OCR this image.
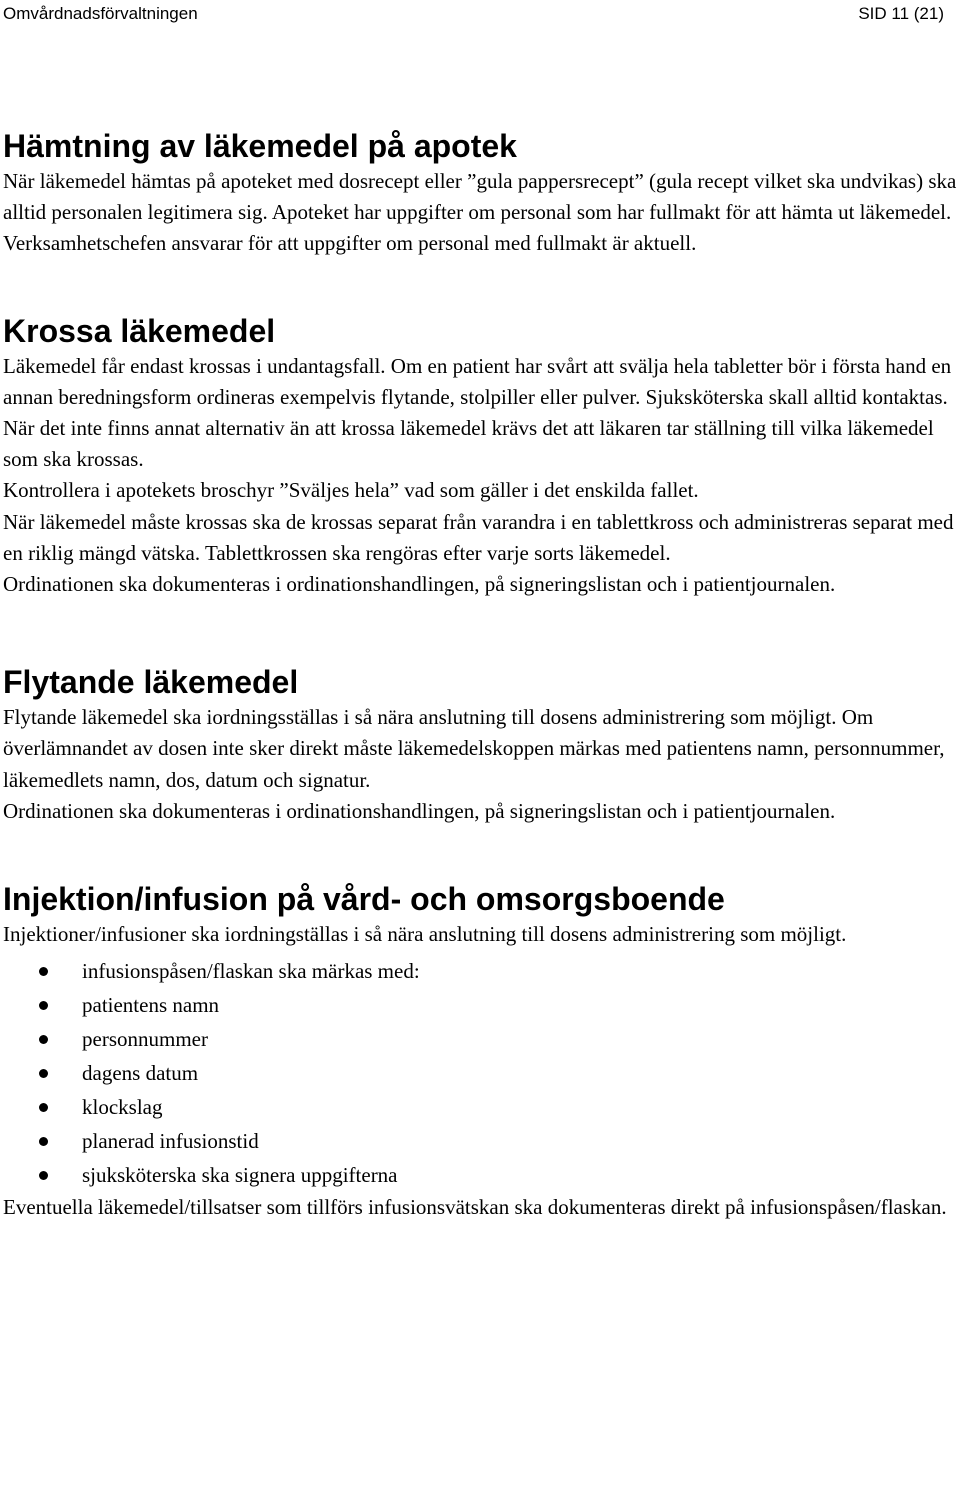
Omvårdnadsförvaltningen	SID 11 (21)
Hämtning av läkemedel på apotek

När läkemedel hämtas på apoteket med dosrecept eller ”gula pappersrecept” (gula recept vilket ska undvikas) ska alltid personalen legitimera sig. Apoteket har uppgifter om personal som har fullmakt för att hämta ut läkemedel. Verksamhetschefen ansvarar för att uppgifter om personal med fullmakt är aktuell.

Krossa läkemedel

Läkemedel får endast krossas i undantagsfall. Om en patient har svårt att svälja hela tabletter bör i första hand en annan beredningsform ordineras exempelvis flytande, stolpiller eller pulver. Sjuksköterska skall alltid kontaktas.

När det inte finns annat alternativ än att krossa läkemedel krävs det att läkaren tar ställning till vilka läkemedel som ska krossas.

Kontrollera i apotekets broschyr ”Sväljes hela” vad som gäller i det enskilda fallet.

När läkemedel måste krossas ska de krossas separat från varandra i en tablettkross och administreras separat med en riklig mängd vätska. Tablettkrossen ska rengöras efter varje sorts läkemedel.

Ordinationen ska dokumenteras i ordinationshandlingen, på signeringslistan och i patientjournalen.

Flytande läkemedel

Flytande läkemedel ska iordningsställas i så nära anslutning till dosens administrering som möjligt. Om överlämnandet av dosen inte sker direkt måste läkemedelskoppen märkas med patientens namn, personnummer, läkemedlets namn, dos, datum och signatur.

Ordinationen ska dokumenteras i ordinationshandlingen, på signeringslistan och i patientjournalen.

Injektion/infusion på vård- och omsorgsboende

Injektioner/infusioner ska iordningställas i så nära anslutning till dosens administrering som möjligt.

infusionspåsen/flaskan ska märkas med:
patientens namn
personnummer
dagens datum
klockslag
planerad infusionstid
sjuksköterska ska signera uppgifterna

Eventuella läkemedel/tillsatser som tillförs infusionsvätskan ska dokumenteras direkt på infusionspåsen/flaskan.
